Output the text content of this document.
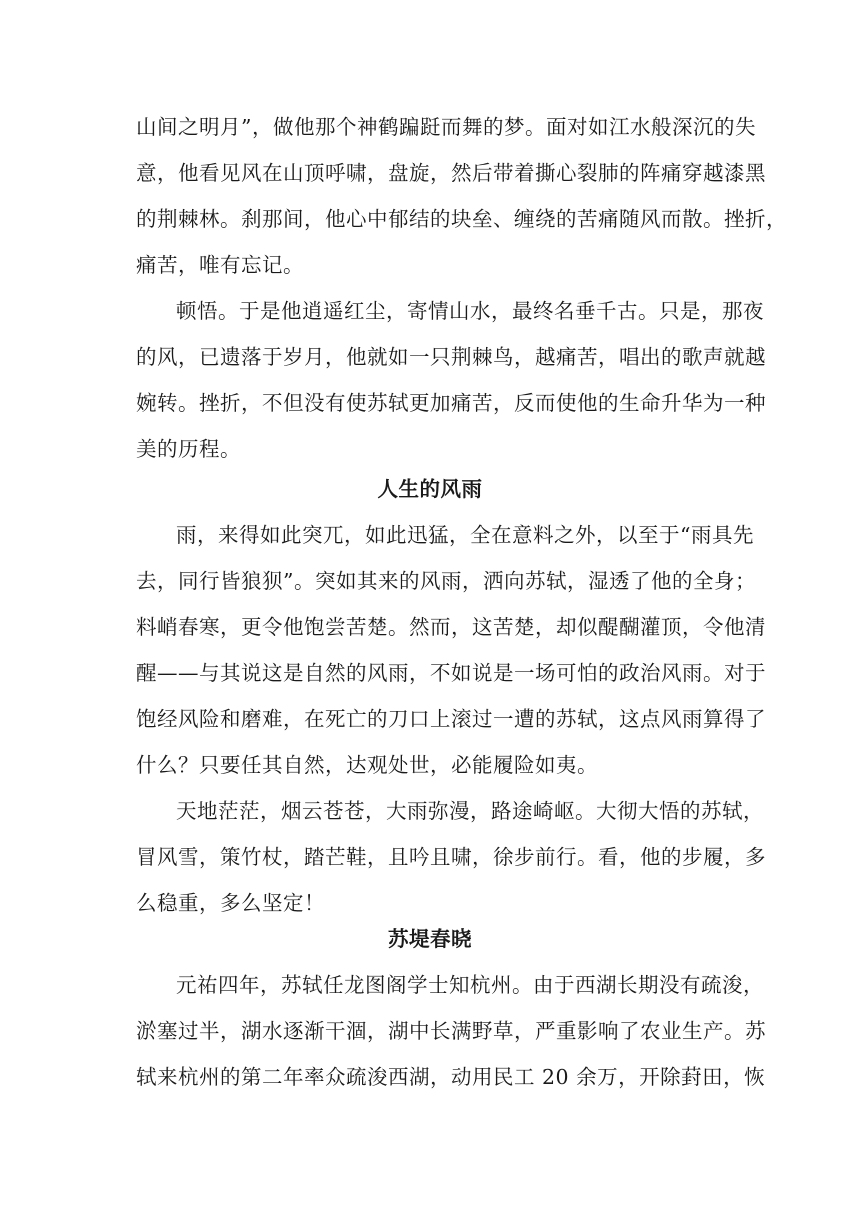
山间之明月”，做他那个神鹤蹁跹而舞的梦。面对如江水般深沉的失
意，他看见风在山顶呼啸，盘旋，然后带着撕心裂肺的阵痛穿越漆黑
的荆棘林。刹那间，他心中郁结的块垒、缠绕的苦痛随风而散。挫折，
痛苦，唯有忘记。
顿悟。于是他逍遥红尘，寄情山水，最终名垂千古。只是，那夜
的风，已遗落于岁月，他就如一只荆棘鸟，越痛苦，唱出的歌声就越
婉转。挫折，不但没有使苏轼更加痛苦，反而使他的生命升华为一种
美的历程。
人生的风雨
雨，来得如此突兀，如此迅猛，全在意料之外，以至于“雨具先
去，同行皆狼狈”。突如其来的风雨，洒向苏轼，湿透了他的全身；
料峭春寒，更令他饱尝苦楚。然而，这苦楚，却似醍醐灌顶，令他清
醒——与其说这是自然的风雨，不如说是一场可怕的政治风雨。对于
饱经风险和磨难，在死亡的刀口上滚过一遭的苏轼，这点风雨算得了
什么？只要任其自然，达观处世，必能履险如夷。
天地茫茫，烟云苍苍，大雨弥漫，路途崎岖。大彻大悟的苏轼，
冒风雪，策竹杖，踏芒鞋，且吟且啸，徐步前行。看，他的步履，多
么稳重，多么坚定！
苏堤春晓
元祐四年，苏轼任龙图阁学士知杭州。由于西湖长期没有疏浚，
淤塞过半，湖水逐渐干涸，湖中长满野草，严重影响了农业生产。苏
轼来杭州的第二年率众疏浚西湖，动用民工 20 余万，开除葑田，恢
